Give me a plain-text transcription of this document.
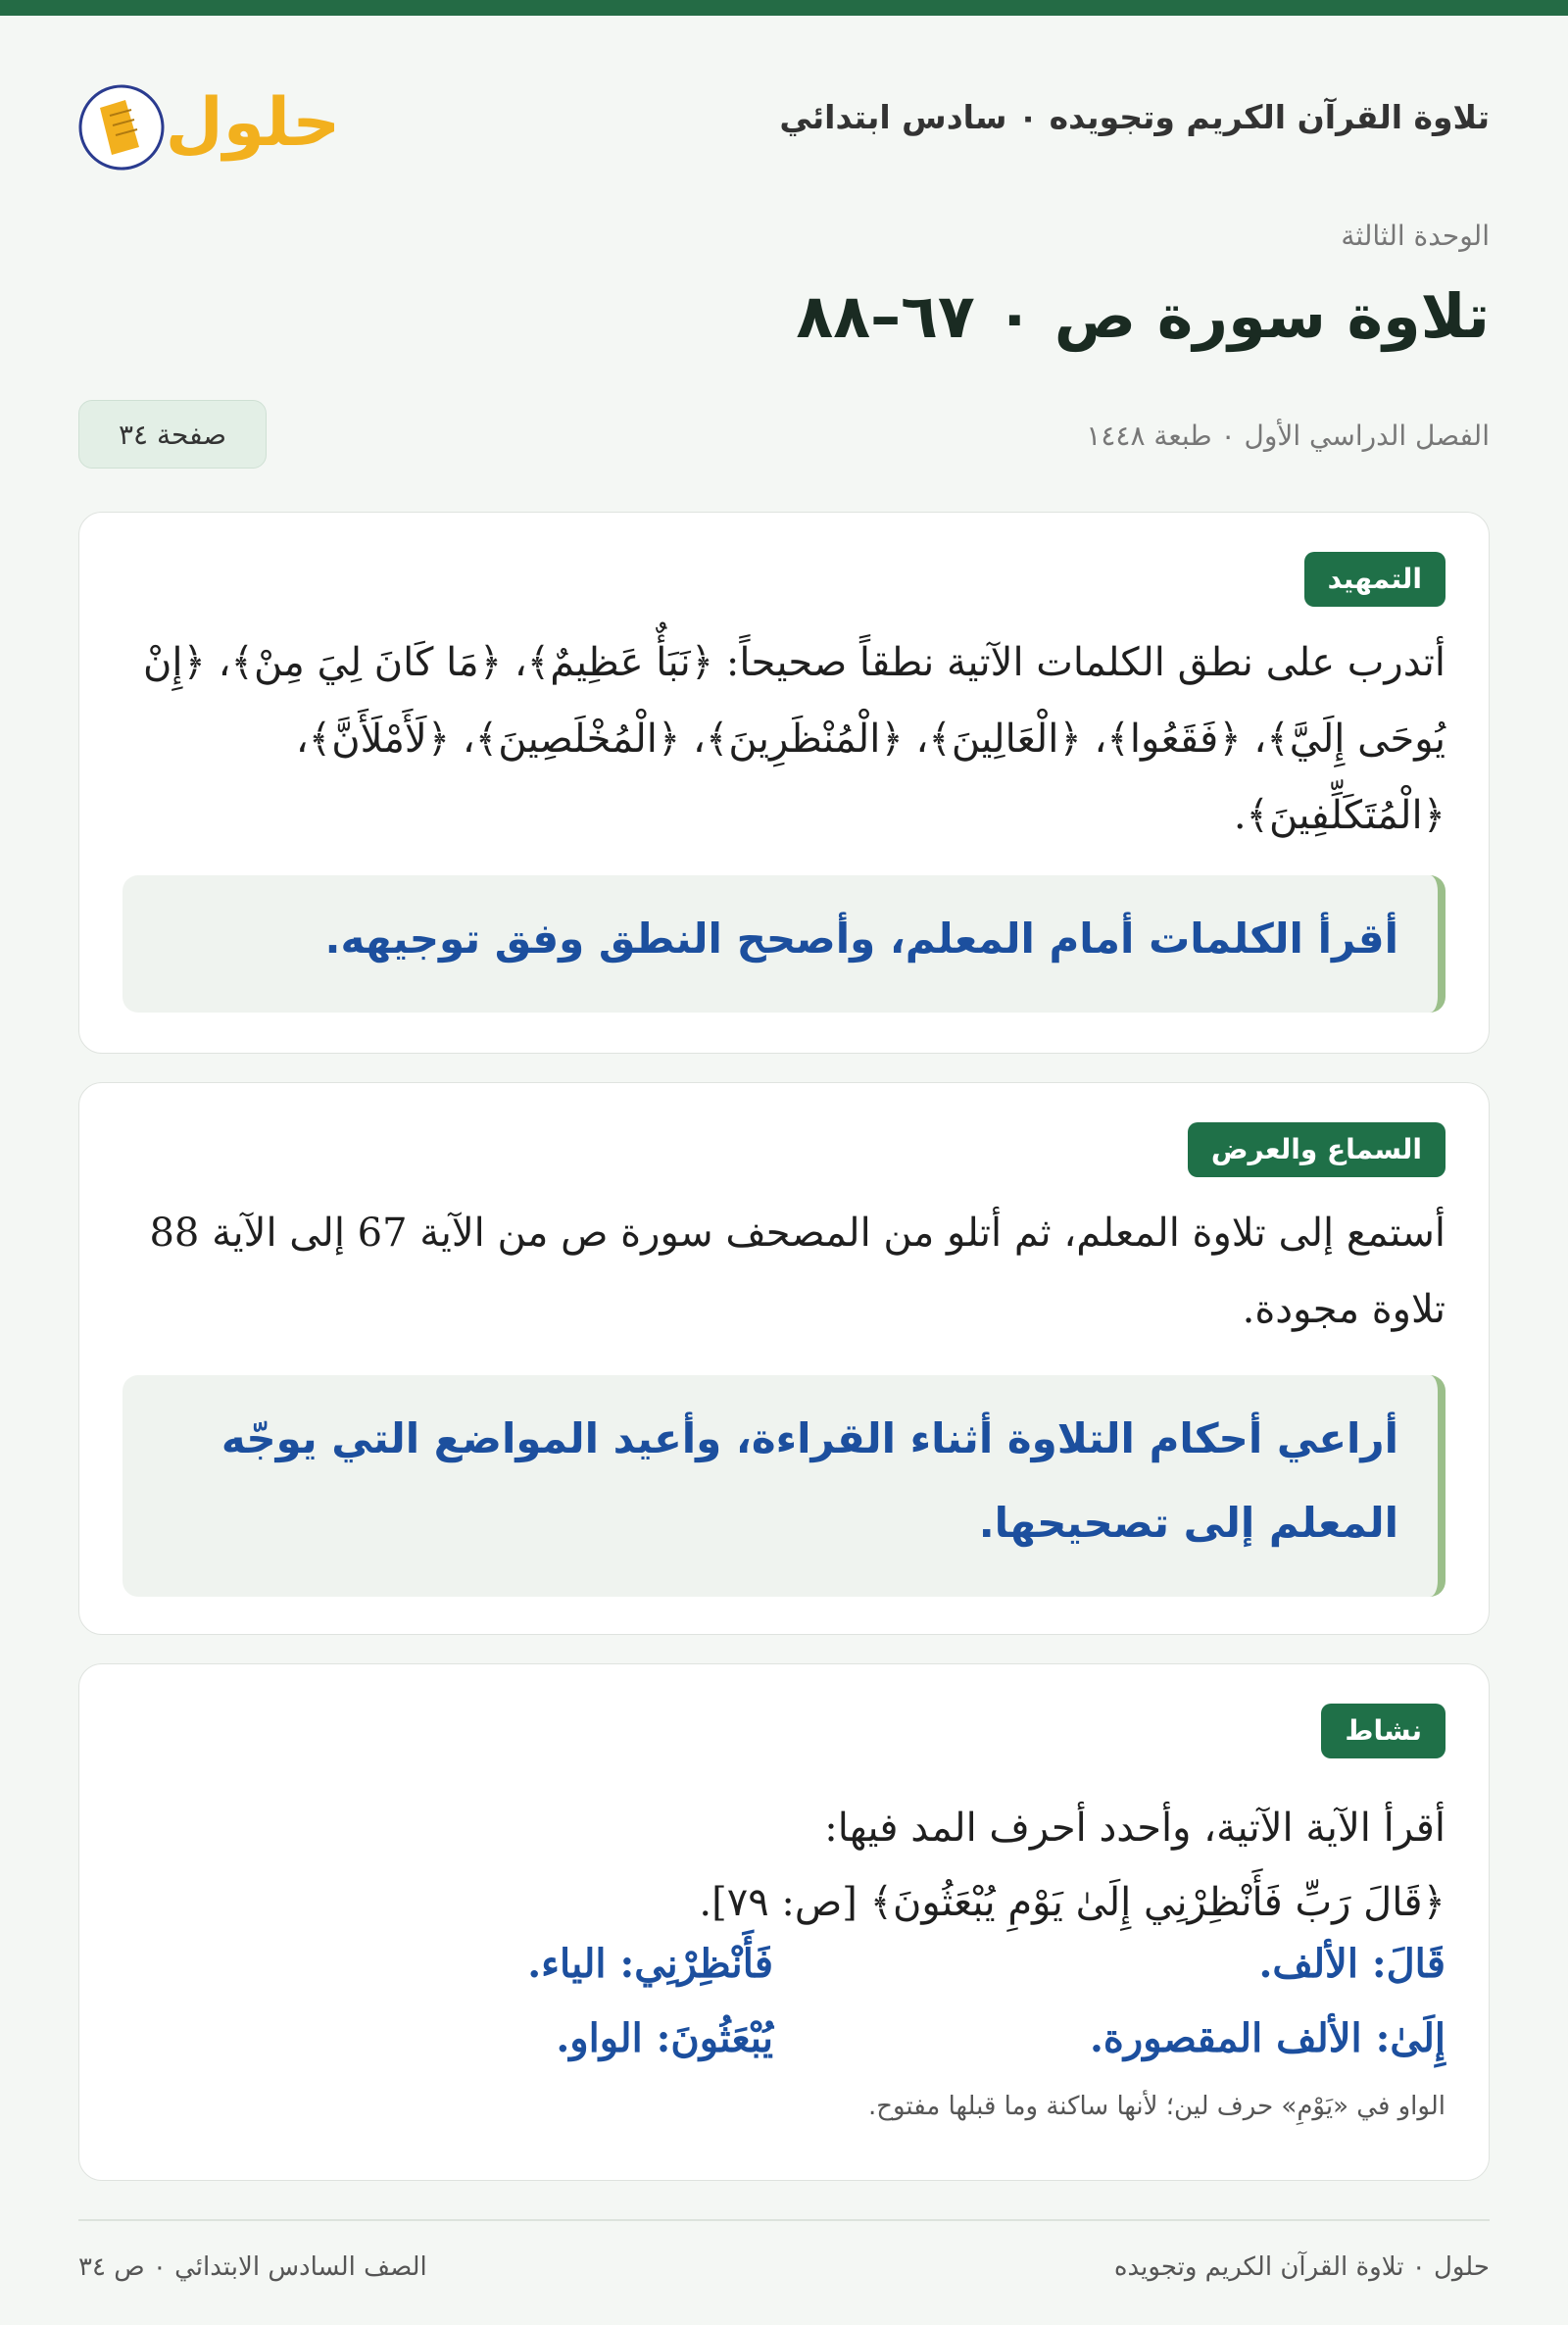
تلاوة القرآن الكريم وتجويده ٠ سادس ابتدائي
حلول
الوحدة الثالثة
تلاوة سورة ص ٠ ٦٧–٨٨
الفصل الدراسي الأول ٠ طبعة ١٤٤٨
صفحة ٣٤
التمهيد
أتدرب على نطق الكلمات الآتية نطقاً صحيحاً: ﴿نَبَأٌ عَظِيمٌ﴾، ﴿مَا كَانَ لِيَ مِنْ﴾، ﴿إِنْ يُوحَى إِلَيَّ﴾، ﴿فَقَعُوا﴾، ﴿الْعَالِينَ﴾، ﴿الْمُنْظَرِينَ﴾، ﴿الْمُخْلَصِينَ﴾، ﴿لَأَمْلَأَنَّ﴾، ﴿الْمُتَكَلِّفِينَ﴾.
أقرأ الكلمات أمام المعلم، وأصحح النطق وفق توجيهه.
السماع والعرض
أستمع إلى تلاوة المعلم، ثم أتلو من المصحف سورة ص من الآية 67 إلى الآية 88 تلاوة مجودة.
أراعي أحكام التلاوة أثناء القراءة، وأعيد المواضع التي يوجّه المعلم إلى تصحيحها.
نشاط
أقرأ الآية الآتية، وأحدد أحرف المد فيها:
﴿قَالَ رَبِّ فَأَنْظِرْنِي إِلَىٰ يَوْمِ يُبْعَثُونَ﴾ [ص: ٧٩].
قَالَ: الألف.
فَأَنْظِرْنِي: الياء.
إِلَىٰ: الألف المقصورة.
يُبْعَثُونَ: الواو.
الواو في «يَوْمِ» حرف لين؛ لأنها ساكنة وما قبلها مفتوح.
حلول ٠ تلاوة القرآن الكريم وتجويده
الصف السادس الابتدائي ٠ ص ٣٤
